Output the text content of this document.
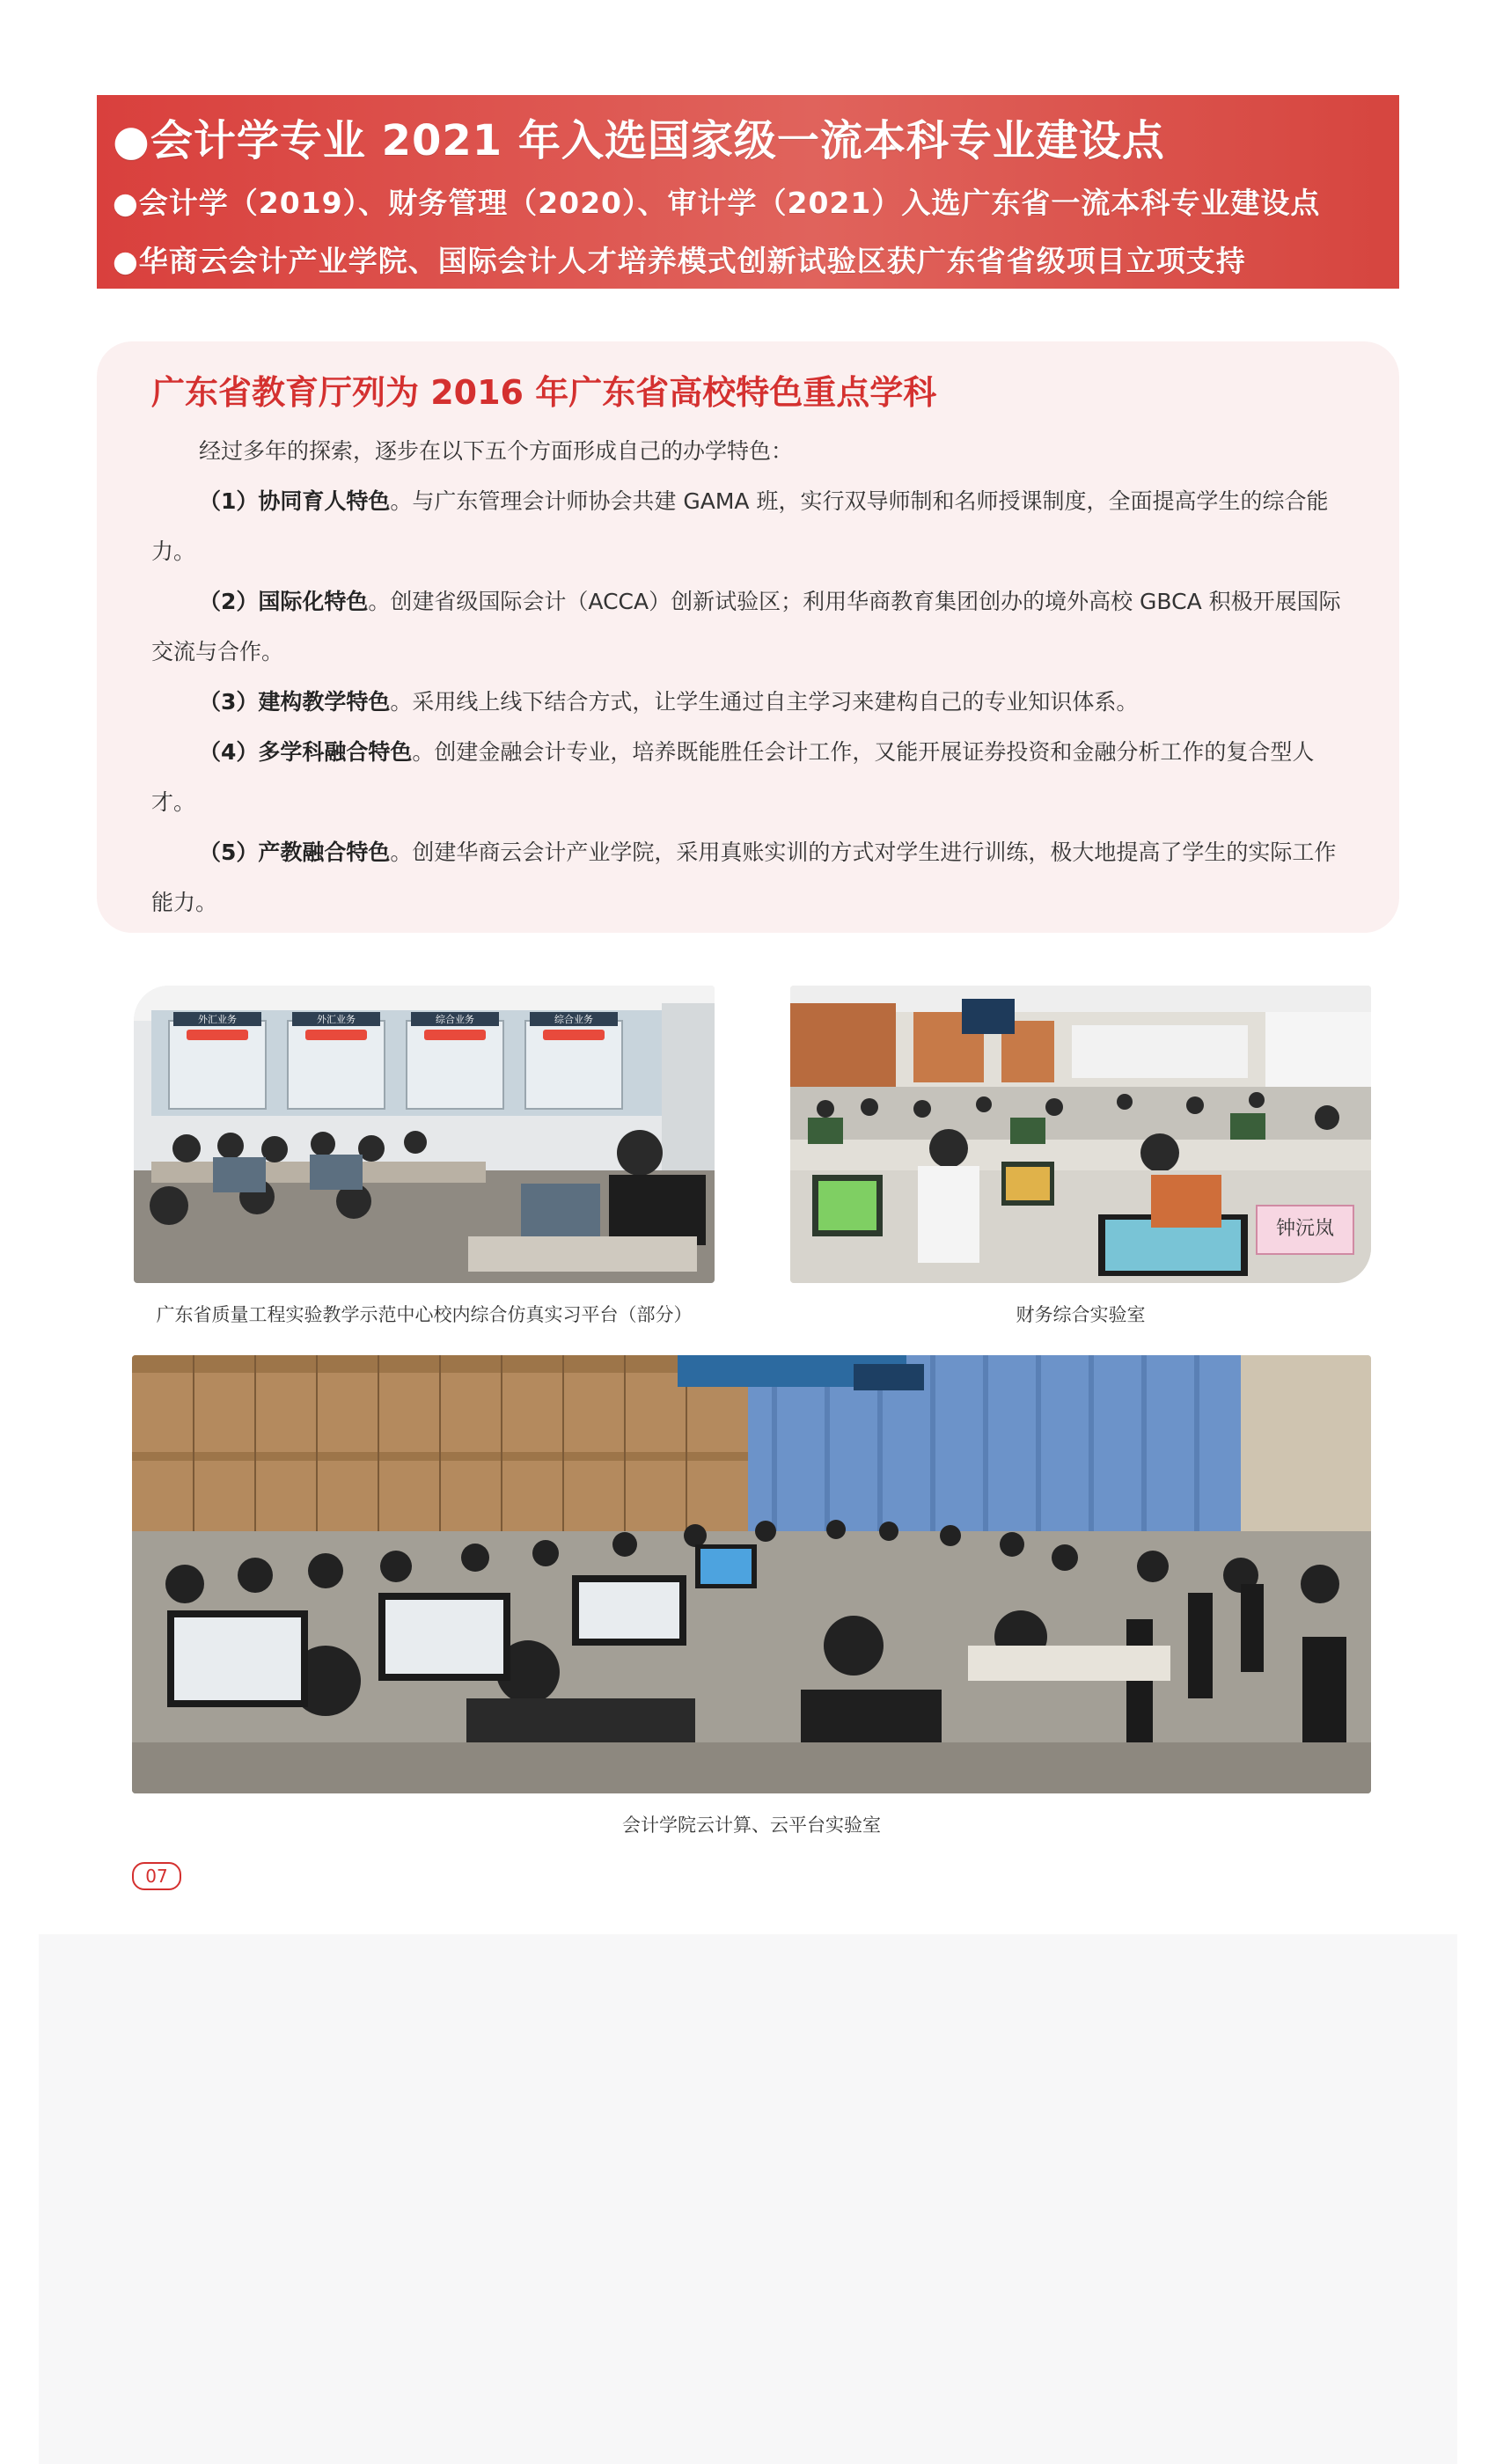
●会计学专业 2021 年入选国家级一流本科专业建设点
●会计学（2019）、财务管理（2020）、审计学（2021）入选广东省一流本科专业建设点
●华商云会计产业学院、国际会计人才培养模式创新试验区获广东省省级项目立项支持
广东省教育厅列为 2016 年广东省高校特色重点学科

经过多年的探索，逐步在以下五个方面形成自己的办学特色：

（1）协同育人特色。与广东管理会计师协会共建 GAMA 班，实行双导师制和名师授课制度，全面提高学生的综合能力。

（2）国际化特色。创建省级国际会计（ACCA）创新试验区；利用华商教育集团创办的境外高校 GBCA 积极开展国际交流与合作。

（3）建构教学特色。采用线上线下结合方式，让学生通过自主学习来建构自己的专业知识体系。

（4）多学科融合特色。创建金融会计专业，培养既能胜任会计工作，又能开展证券投资和金融分析工作的复合型人才。

（5）产教融合特色。创建华商云会计产业学院，采用真账实训的方式对学生进行训练，极大地提高了学生的实际工作能力。

外汇业务	外汇业务	综合业务	综合业务
广东省质量工程实验教学示范中心校内综合仿真实习平台（部分）
钟沅岚
财务综合实验室
会计学院云计算、云平台实验室
07
